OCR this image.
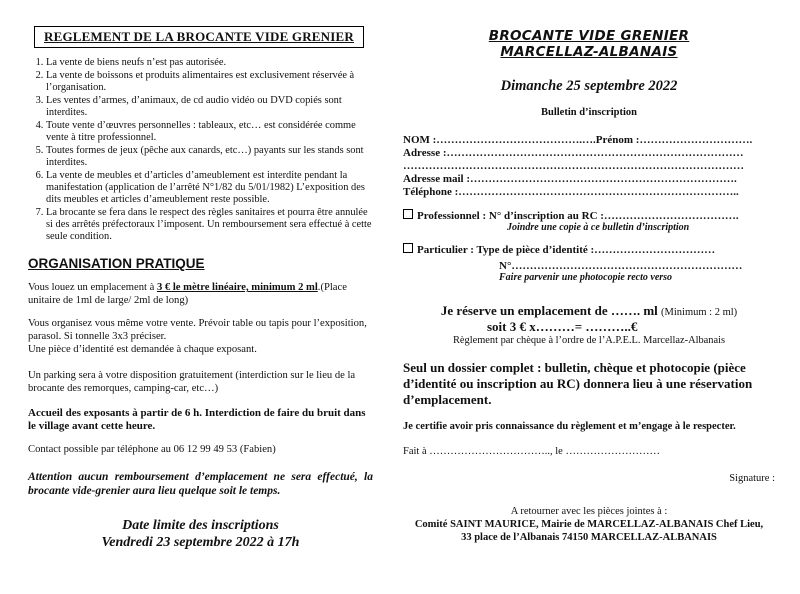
REGLEMENT DE LA BROCANTE VIDE GRENIER
1. La vente de biens neufs n’est pas autorisée.
2. La vente de boissons et produits alimentaires est exclusivement réservée à l’organisation.
3. Les ventes d’armes, d’animaux, de cd audio vidéo ou DVD copiés sont interdites.
4. Toute vente d’œuvres personnelles : tableaux, etc… est considérée comme vente à titre professionnel.
5. Toutes formes de jeux (pêche aux canards, etc…) payants sur les stands sont interdites.
6. La vente de meubles et d’articles d’ameublement est interdite pendant la manifestation (application de l’arrêté N°1/82 du 5/01/1982) L’exposition des dits meubles et articles d’ameublement reste possible.
7. La brocante se fera dans le respect des règles sanitaires et pourra être annulée si des arrêtés préfectoraux l’imposent. Un remboursement sera effectué à cette seule condition.
ORGANISATION PRATIQUE

Vous louez un emplacement à 3 € le mètre linéaire, minimum 2 ml.(Place unitaire de 1ml de large/ 2ml de long)

Vous organisez vous même votre vente. Prévoir table ou tapis pour l’exposition, parasol. Si tonnelle 3x3 préciser.

Une pièce d’identité est demandée à chaque exposant.

Un parking sera à votre disposition gratuitement (interdiction sur le lieu de la brocante des remorques, camping-car, etc…)

Accueil des exposants à partir de 6 h. Interdiction de faire du bruit dans le village avant cette heure.

Contact possible par téléphone au 06 12 99 49 53 (Fabien)

Attention aucun remboursement d’emplacement ne sera effectué, la brocante vide-grenier aura lieu quelque soit le temps.

Date limite des inscriptions
Vendredi 23 septembre 2022 à 17h
BROCANTE VIDE GRENIER
MARCELLAZ-ALBANAIS
Dimanche 25 septembre 2022
Bulletin d’inscription
NOM :………………………………….….Prénom :………………………….
Adresse :………………………………………………………………………
…………………………………………………………………………………
Adresse mail :……………………………………………………………….
Téléphone :…………………………………………………………………..
Professionnel : N° d’inscription au RC :……………………………….
Joindre une copie à ce bulletin d’inscription
Particulier : Type de pièce d’identité :……………………………
N°………………………………………………………
Faire parvenir une photocopie recto verso
Je réserve un emplacement de ……. ml (Minimum : 2 ml)
soit 3 € x………= ………..€
Règlement par chèque à l’ordre de l’A.P.E.L. Marcellaz-Albanais
Seul un dossier complet : bulletin, chèque et photocopie (pièce d’identité ou inscription au RC) donnera lieu à une réservation d’emplacement.
Je certifie avoir pris connaissance du règlement et m’engage à le respecter.
Fait à …………………………….., le ………………………
Signature :
A retourner avec les pièces jointes à :
Comité SAINT MAURICE, Mairie de MARCELLAZ-ALBANAIS Chef Lieu,
33 place de l’Albanais 74150 MARCELLAZ-ALBANAIS
